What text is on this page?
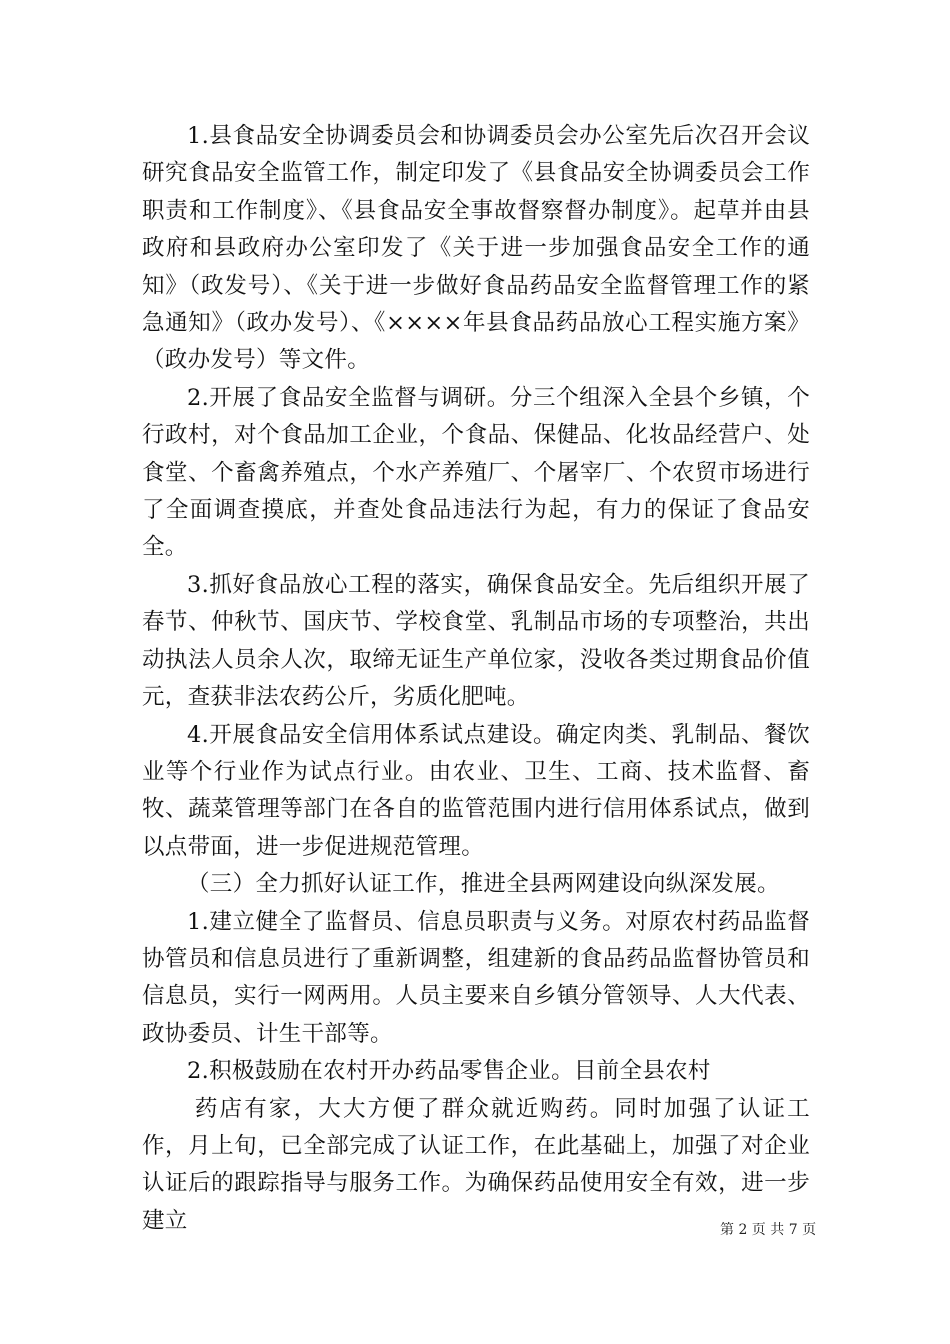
1.县食品安全协调委员会和协调委员会办公室先后次召开会议研究食品安全监管工作，制定印发了《县食品安全协调委员会工作职责和工作制度》、《县食品安全事故督察督办制度》。起草并由县政府和县政府办公室印发了《关于进一步加强食品安全工作的通知》（政发号）、《关于进一步做好食品药品安全监督管理工作的紧急通知》（政办发号）、《××××年县食品药品放心工程实施方案》（政办发号）等文件。

2.开展了食品安全监督与调研。分三个组深入全县个乡镇，个行政村，对个食品加工企业，个食品、保健品、化妆品经营户、处食堂、个畜禽养殖点，个水产养殖厂、个屠宰厂、个农贸市场进行了全面调查摸底，并查处食品违法行为起，有力的保证了食品安全。

3.抓好食品放心工程的落实，确保食品安全。先后组织开展了春节、仲秋节、国庆节、学校食堂、乳制品市场的专项整治，共出动执法人员余人次，取缔无证生产单位家，没收各类过期食品价值元，查获非法农药公斤，劣质化肥吨。

4.开展食品安全信用体系试点建设。确定肉类、乳制品、餐饮业等个行业作为试点行业。由农业、卫生、工商、技术监督、畜牧、蔬菜管理等部门在各自的监管范围内进行信用体系试点，做到以点带面，进一步促进规范管理。

（三）全力抓好认证工作，推进全县两网建设向纵深发展。

1.建立健全了监督员、信息员职责与义务。对原农村药品监督协管员和信息员进行了重新调整，组建新的食品药品监督协管员和信息员，实行一网两用。人员主要来自乡镇分管领导、人大代表、政协委员、计生干部等。

2.积极鼓励在农村开办药品零售企业。目前全县农村

药店有家，大大方便了群众就近购药。同时加强了认证工作，月上旬，已全部完成了认证工作，在此基础上，加强了对企业认证后的跟踪指导与服务工作。为确保药品使用安全有效，进一步建立	第 2 页 共 7 页
